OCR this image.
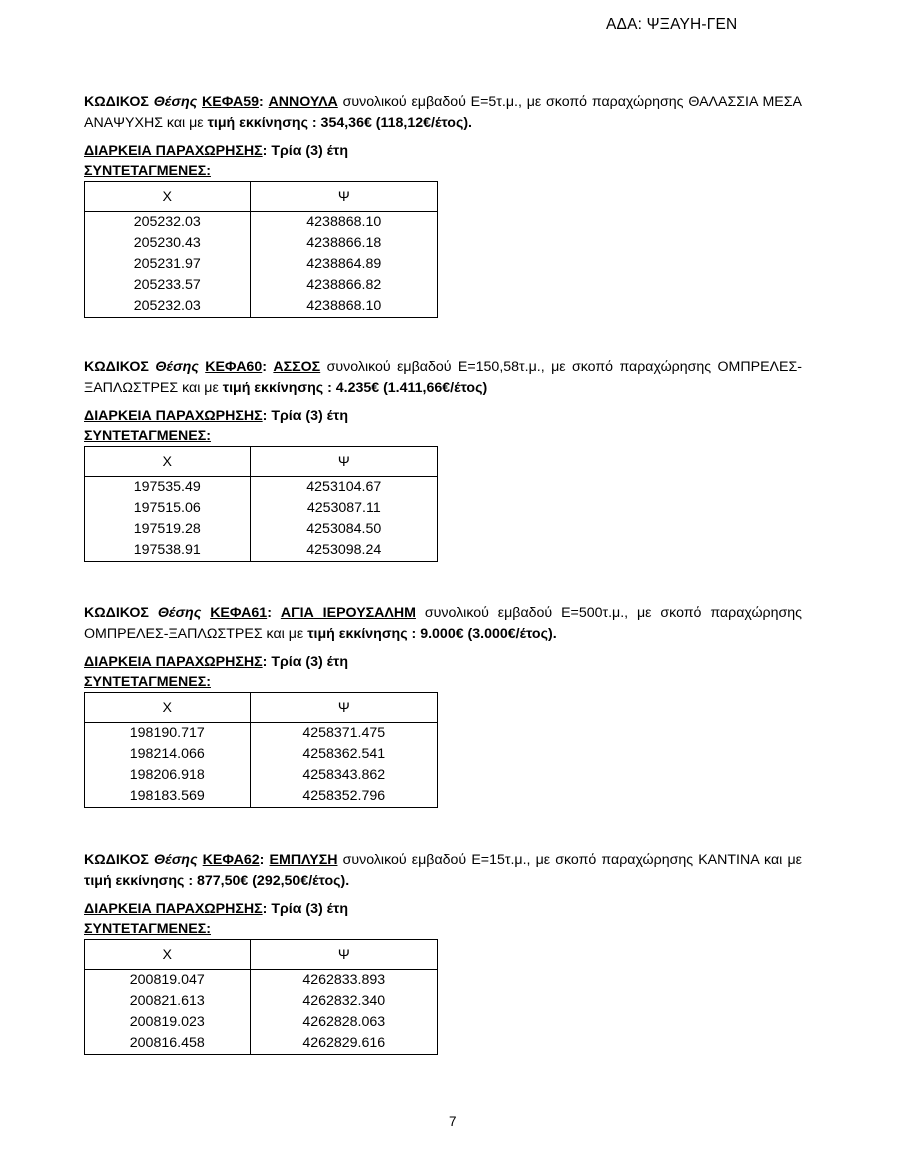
ΑΔΑ: ΨΞΑΥΗ-ΓΕΝ

ΚΩΔΙΚΟΣ Θέσης ΚΕΦΑ59: ΑΝΝΟΥΛΑ συνολικού εμβαδού Ε=5τ.μ., με σκοπό παραχώρησης ΘΑΛΑΣΣΙΑ ΜΕΣΑ ΑΝΑΨΥΧΗΣ και με τιμή εκκίνησης : 354,36€ (118,12€/έτος).

ΔΙΑΡΚΕΙΑ ΠΑΡΑΧΩΡΗΣΗΣ: Τρία (3) έτη

ΣΥΝΤΕΤΑΓΜΕΝΕΣ:

Χ	Ψ
205232.03	4238868.10
205230.43	4238866.18
205231.97	4238864.89
205233.57	4238866.82
205232.03	4238868.10

ΚΩΔΙΚΟΣ Θέσης ΚΕΦΑ60: ΑΣΣΟΣ συνολικού εμβαδού Ε=150,58τ.μ., με σκοπό παραχώρησης ΟΜΠΡΕΛΕΣ-ΞΑΠΛΩΣΤΡΕΣ και με τιμή εκκίνησης : 4.235€ (1.411,66€/έτος)

ΔΙΑΡΚΕΙΑ ΠΑΡΑΧΩΡΗΣΗΣ: Τρία (3) έτη

ΣΥΝΤΕΤΑΓΜΕΝΕΣ:

Χ	Ψ
197535.49	4253104.67
197515.06	4253087.11
197519.28	4253084.50
197538.91	4253098.24

ΚΩΔΙΚΟΣ Θέσης ΚΕΦΑ61: ΑΓΙΑ ΙΕΡΟΥΣΑΛΗΜ συνολικού εμβαδού Ε=500τ.μ., με σκοπό παραχώρησης ΟΜΠΡΕΛΕΣ-ΞΑΠΛΩΣΤΡΕΣ και με τιμή εκκίνησης : 9.000€ (3.000€/έτος).

ΔΙΑΡΚΕΙΑ ΠΑΡΑΧΩΡΗΣΗΣ: Τρία (3) έτη

ΣΥΝΤΕΤΑΓΜΕΝΕΣ:

Χ	Ψ
198190.717	4258371.475
198214.066	4258362.541
198206.918	4258343.862
198183.569	4258352.796

ΚΩΔΙΚΟΣ Θέσης ΚΕΦΑ62: ΕΜΠΛΥΣΗ συνολικού εμβαδού Ε=15τ.μ., με σκοπό παραχώρησης ΚΑΝΤΙΝΑ και με τιμή εκκίνησης : 877,50€ (292,50€/έτος).

ΔΙΑΡΚΕΙΑ ΠΑΡΑΧΩΡΗΣΗΣ: Τρία (3) έτη

ΣΥΝΤΕΤΑΓΜΕΝΕΣ:

Χ	Ψ
200819.047	4262833.893
200821.613	4262832.340
200819.023	4262828.063
200816.458	4262829.616
7
